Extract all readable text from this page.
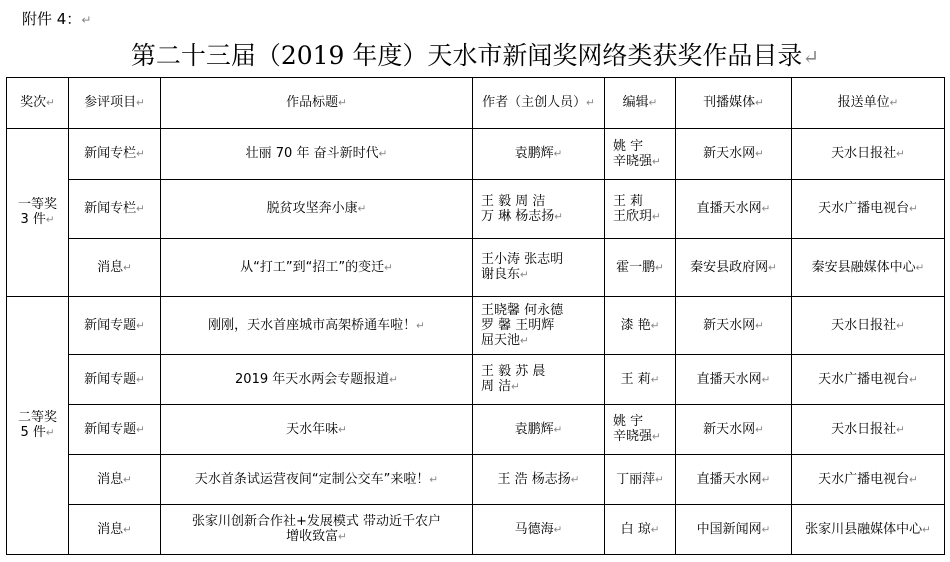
附件 4：↵
第二十三届（2019 年度）天水市新闻奖网络类获奖作品目录↵
奖次↵	参评项目↵	作品标题↵	作者（主创人员）↵	编辑↵	刊播媒体↵	报送单位↵

一等奖
3 件↵	新闻专栏↵	壮丽 70 年 奋斗新时代↵	袁鹏辉↵	姚 宇
辛晓强↵	新天水网↵	天水日报社↵
	新闻专栏↵	脱贫攻坚奔小康↵	王 毅 周 洁
万 琳 杨志扬↵	王 莉
王欣玥↵	直播天水网↵	天水广播电视台↵
	消息↵	从“打工”到“招工”的变迁↵	王小涛 张志明
谢良东↵	霍一鹏↵	秦安县政府网↵	秦安县融媒体中心↵

二等奖
5 件↵	新闻专题↵	刚刚，天水首座城市高架桥通车啦！↵	王晓馨 何永德
罗 馨 王明辉
屈天池↵	漆 艳↵	新天水网↵	天水日报社↵
	新闻专题↵	2019 年天水两会专题报道↵	王 毅 苏 晨
周 洁↵	王 莉↵	直播天水网↵	天水广播电视台↵
	新闻专题↵	天水年味↵	袁鹏辉↵	姚 宇
辛晓强↵	新天水网↵	天水日报社↵
	消息↵	天水首条试运营夜间“定制公交车”来啦！↵	王 浩 杨志扬↵	丁丽萍↵	直播天水网↵	天水广播电视台↵
	消息↵	张家川创新合作社+发展模式 带动近千农户
增收致富↵	马德海↵	白 琼↵	中国新闻网↵	张家川县融媒体中心↵
